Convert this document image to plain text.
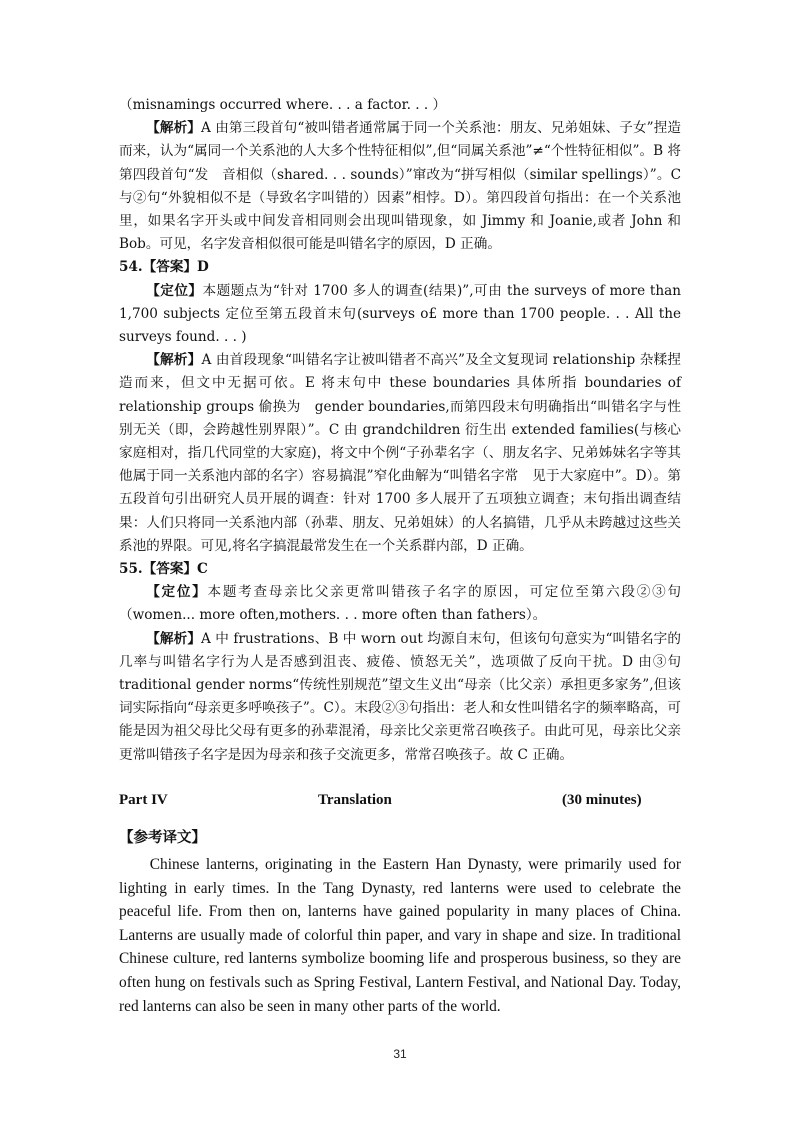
（misnamings occurred where. . . a factor. . . ）

【解析】A 由第三段首句“被叫错者通常属于同一个关系池：朋友、兄弟姐妹、子女”捏造而来，认为“属同一个关系池的人大多个性特征相似”,但“同属关系池”≠“个性特征相似”。B 将第四段首句“发　音相似（shared. . . sounds）”窜改为“拼写相似（similar spellings）”。C 与②句“外貌相似不是（导致名字叫错的）因素”相悖。D）。第四段首句指出：在一个关系池里，如果名字开头或中间发音相同则会出现叫错现象，如 Jimmy 和 Joanie,或者 John 和 Bob。可见，名字发音相似很可能是叫错名字的原因，D 正确。

54.【答案】D

【定位】本题题点为“针对 1700 多人的调查(结果)”,可由 the surveys of more than 1,700 subjects 定位至第五段首末句(surveys o£ more than 1700 people. . . All the surveys found. . . )

【解析】A 由首段现象“叫错名字让被叫错者不高兴”及全文复现词 relationship 杂糅捏造而来，但文中无据可依。E 将末句中 these boundaries 具体所指 boundaries of relationship groups 偷换为　gender boundaries,而第四段末句明确指出“叫错名字与性别无关（即，会跨越性别界限）”。C 由 grandchildren 衍生出 extended families(与核心家庭相对，指几代同堂的大家庭)，将文中个例“子孙辈名字（、朋友名字、兄弟姊妹名字等其他属于同一关系池内部的名字）容易搞混”窄化曲解为“叫错名字常　见于大家庭中”。D）。第五段首句引出研究人员开展的调查：针对 1700 多人展开了五项独立调查；末句指出调查结果：人们只将同一关系池内部（孙辈、朋友、兄弟姐妹）的人名搞错，几乎从未跨越过这些关　系池的界限。可见,将名字搞混最常发生在一个关系群内部，D 正确。

55.【答案】C

【定位】本题考查母亲比父亲更常叫错孩子名字的原因，可定位至第六段②③句（women... more often,mothers. . . more often than fathers）。

【解析】A 中 frustrations、B 中 worn out 均源自末句，但该句句意实为“叫错名字的几率与叫错名字行为人是否感到沮丧、疲倦、愤怒无关”，选项做了反向干扰。D 由③句 traditional gender norms“传统性别规范”望文生义出“母亲（比父亲）承担更多家务”,但该词实际指向“母亲更多呼唤孩子”。C）。末段②③句指出：老人和女性叫错名字的频率略高，可能是因为祖父母比父母有更多的孙辈混淆，母亲比父亲更常召唤孩子。由此可见，母亲比父亲更常叫错孩子名字是因为母亲和孩子交流更多，常常召唤孩子。故 C 正确。

Part IV	Translation	(30 minutes)

【参考译文】

Chinese lanterns, originating in the Eastern Han Dynasty, were primarily used for lighting in early times. In the Tang Dynasty, red lanterns were used to celebrate the peaceful life. From then on, lanterns have gained popularity in many places of China. Lanterns are usually made of colorful thin paper, and vary in shape and size. In traditional Chinese culture, red lanterns symbolize booming life and prosperous business, so they are often hung on festivals such as Spring Festival, Lantern Festival, and National Day. Today, red lanterns can also be seen in many other parts of the world.

31
